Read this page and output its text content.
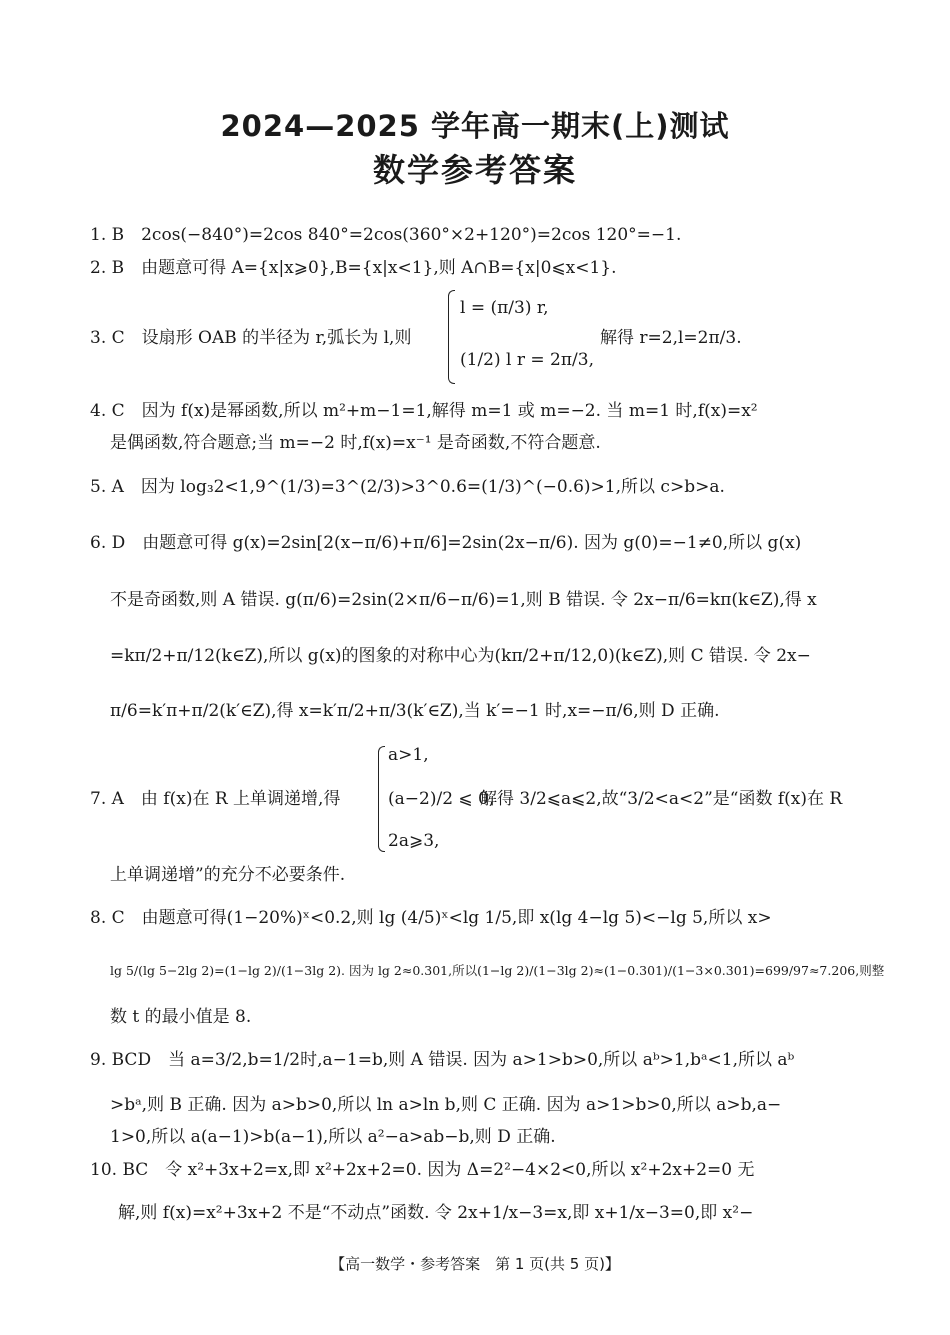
2024—2025 学年高一期末(上)测试
数学参考答案
1. B　2cos(−840°)=2cos 840°=2cos(360°×2+120°)=2cos 120°=−1.
2. B　由题意可得 A={x|x⩾0},B={x|x<1},则 A∩B={x|0⩽x<1}.
3. C　设扇形 OAB 的半径为 r,弧长为 l,则
l = (π/3) r,
(1/2) l r = 2π/3,
解得 r=2,l=2π/3.
4. C　因为 f(x)是幂函数,所以 m²+m−1=1,解得 m=1 或 m=−2. 当 m=1 时,f(x)=x²
是偶函数,符合题意;当 m=−2 时,f(x)=x⁻¹ 是奇函数,不符合题意.
5. A　因为 log₃2<1,9^(1/3)=3^(2/3)>3^0.6=(1/3)^(−0.6)>1,所以 c>b>a.
6. D　由题意可得 g(x)=2sin[2(x−π/6)+π/6]=2sin(2x−π/6). 因为 g(0)=−1≠0,所以 g(x)
不是奇函数,则 A 错误. g(π/6)=2sin(2×π/6−π/6)=1,则 B 错误. 令 2x−π/6=kπ(k∈Z),得 x
=kπ/2+π/12(k∈Z),所以 g(x)的图象的对称中心为(kπ/2+π/12,0)(k∈Z),则 C 错误. 令 2x−
π/6=k′π+π/2(k′∈Z),得 x=k′π/2+π/3(k′∈Z),当 k′=−1 时,x=−π/6,则 D 正确.
a>1,
7. A　由 f(x)在 R 上单调递增,得	(a−2)/2 ⩽ 0,
解得 3/2⩽a⩽2,故“3/2<a<2”是“函数 f(x)在 R
2a⩾3,
上单调递增”的充分不必要条件.
8. C　由题意可得(1−20%)ˣ<0.2,则 lg (4/5)ˣ<lg 1/5,即 x(lg 4−lg 5)<−lg 5,所以 x>
lg 5/(lg 5−2lg 2)=(1−lg 2)/(1−3lg 2). 因为 lg 2≈0.301,所以(1−lg 2)/(1−3lg 2)≈(1−0.301)/(1−3×0.301)=699/97≈7.206,则整
数 t 的最小值是 8.
9. BCD　当 a=3/2,b=1/2时,a−1=b,则 A 错误. 因为 a>1>b>0,所以 aᵇ>1,bᵃ<1,所以 aᵇ
>bᵃ,则 B 正确. 因为 a>b>0,所以 ln a>ln b,则 C 正确. 因为 a>1>b>0,所以 a>b,a−
1>0,所以 a(a−1)>b(a−1),所以 a²−a>ab−b,则 D 正确.
10. BC　令 x²+3x+2=x,即 x²+2x+2=0. 因为 Δ=2²−4×2<0,所以 x²+2x+2=0 无
解,则 f(x)=x²+3x+2 不是“不动点”函数. 令 2x+1/x−3=x,即 x+1/x−3=0,即 x²−
【高一数学・参考答案　第 1 页(共 5 页)】
